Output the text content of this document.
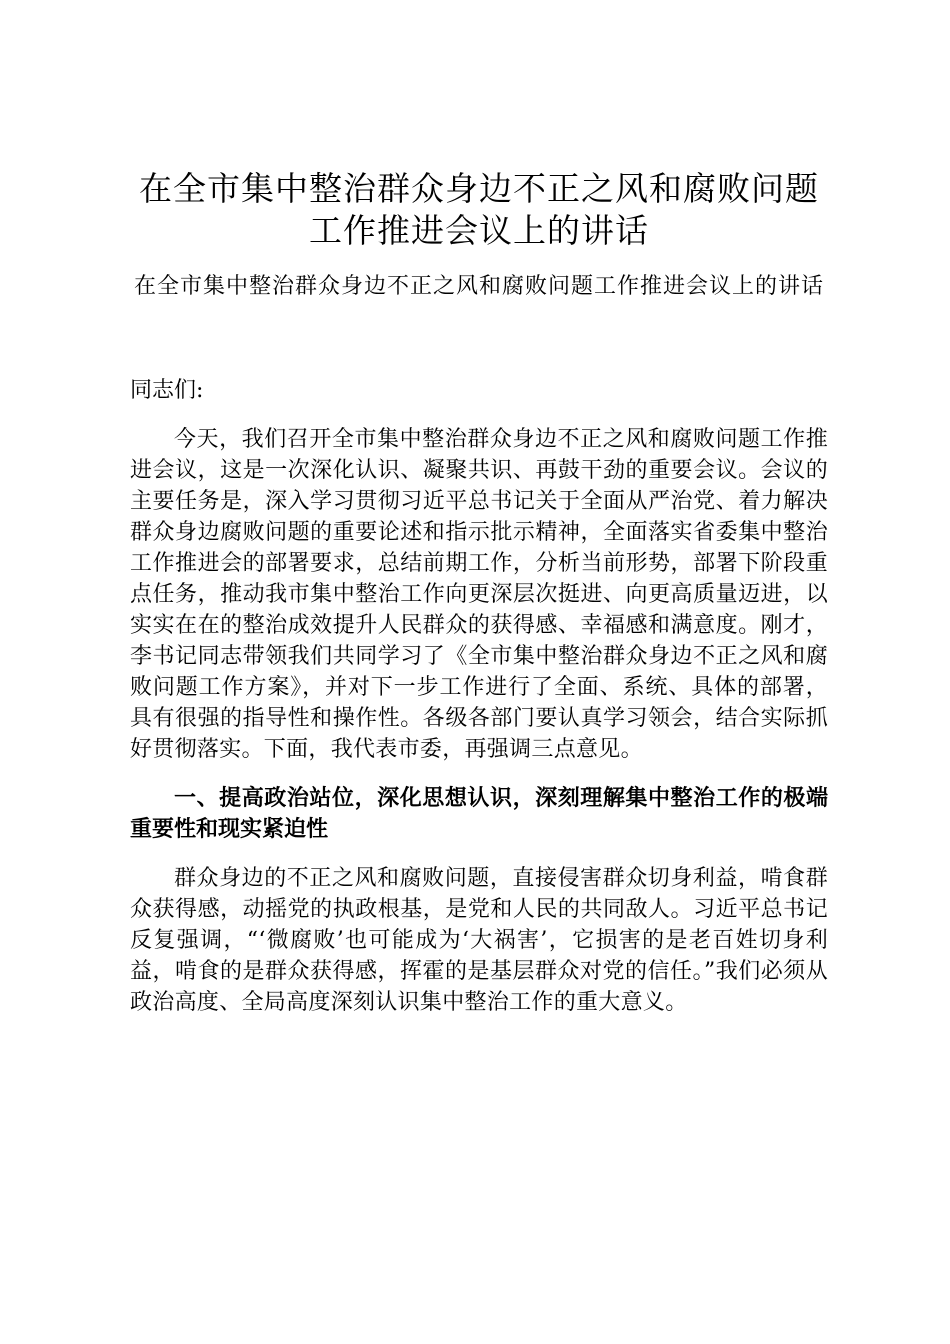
在全市集中整治群众身边不正之风和腐败问题
工作推进会议上的讲话

在全市集中整治群众身边不正之风和腐败问题工作推进会议上的讲话

同志们:

今天，我们召开全市集中整治群众身边不正之风和腐败问题工作推进会议，这是一次深化认识、凝聚共识、再鼓干劲的重要会议。会议的主要任务是，深入学习贯彻习近平总书记关于全面从严治党、着力解决群众身边腐败问题的重要论述和指示批示精神，全面落实省委集中整治工作推进会的部署要求，总结前期工作，分析当前形势，部署下阶段重点任务，推动我市集中整治工作向更深层次挺进、向更高质量迈进，以实实在在的整治成效提升人民群众的获得感、幸福感和满意度。刚才，李书记同志带领我们共同学习了《全市集中整治群众身边不正之风和腐败问题工作方案》，并对下一步工作进行了全面、系统、具体的部署，具有很强的指导性和操作性。各级各部门要认真学习领会，结合实际抓好贯彻落实。下面，我代表市委，再强调三点意见。

一、提高政治站位，深化思想认识，深刻理解集中整治工作的极端重要性和现实紧迫性

群众身边的不正之风和腐败问题，直接侵害群众切身利益，啃食群众获得感，动摇党的执政根基，是党和人民的共同敌人。习近平总书记反复强调，“‘微腐败’也可能成为‘大祸害’，它损害的是老百姓切身利益，啃食的是群众获得感，挥霍的是基层群众对党的信任。”我们必须从政治高度、全局高度深刻认识集中整治工作的重大意义。
